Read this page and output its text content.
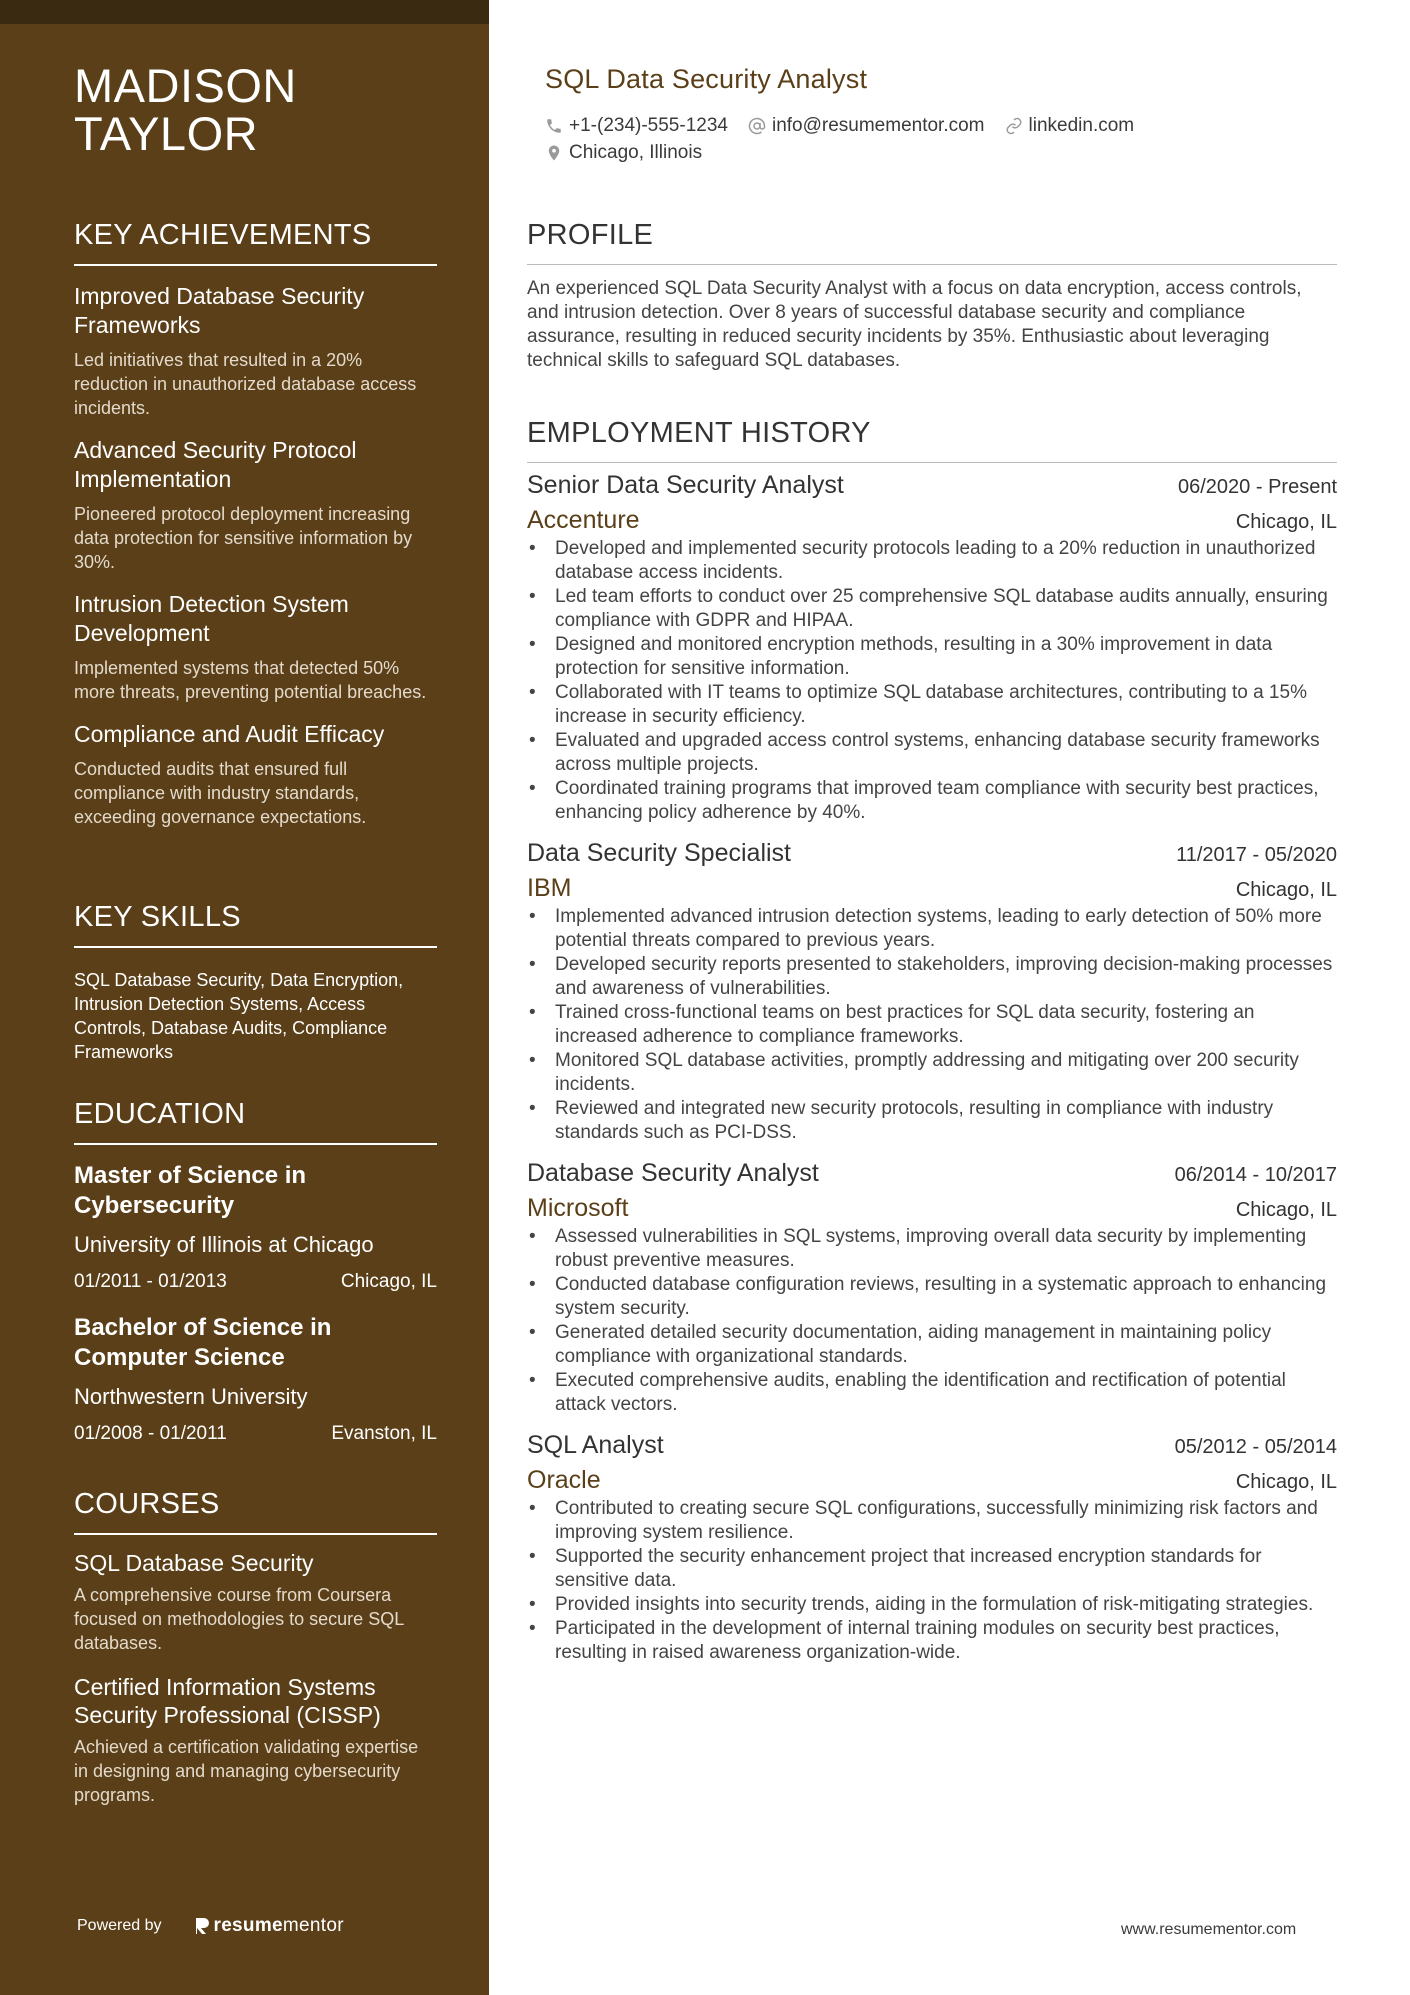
MADISON
TAYLOR
KEY ACHIEVEMENTS
Improved Database Security Frameworks
Led initiatives that resulted in a 20% reduction in unauthorized database access incidents.
Advanced Security Protocol Implementation
Pioneered protocol deployment increasing data protection for sensitive information by 30%.
Intrusion Detection System Development
Implemented systems that detected 50% more threats, preventing potential breaches.
Compliance and Audit Efficacy
Conducted audits that ensured full compliance with industry standards, exceeding governance expectations.
KEY SKILLS
SQL Database Security, Data Encryption, Intrusion Detection Systems, Access Controls, Database Audits, Compliance Frameworks
EDUCATION
Master of Science in Cybersecurity
University of Illinois at Chicago
01/2011 - 01/2013	Chicago, IL
Bachelor of Science in Computer Science
Northwestern University
01/2008 - 01/2011	Evanston, IL
COURSES
SQL Database Security
A comprehensive course from Coursera focused on methodologies to secure SQL databases.
Certified Information Systems Security Professional (CISSP)
Achieved a certification validating expertise in designing and managing cybersecurity programs.
Powered by	resume mentor
SQL Data Security Analyst
+1-(234)-555-1234 info@resumementor.com linkedin.com
Chicago, Illinois
PROFILE
An experienced SQL Data Security Analyst with a focus on data encryption, access controls, and intrusion detection. Over 8 years of successful database security and compliance assurance, resulting in reduced security incidents by 35%. Enthusiastic about leveraging technical skills to safeguard SQL databases.
EMPLOYMENT HISTORY
Senior Data Security Analyst	06/2020 - Present
Accenture	Chicago, IL
• Developed and implemented security protocols leading to a 20% reduction in unauthorized database access incidents.
• Led team efforts to conduct over 25 comprehensive SQL database audits annually, ensuring compliance with GDPR and HIPAA.
• Designed and monitored encryption methods, resulting in a 30% improvement in data protection for sensitive information.
• Collaborated with IT teams to optimize SQL database architectures, contributing to a 15% increase in security efficiency.
• Evaluated and upgraded access control systems, enhancing database security frameworks across multiple projects.
• Coordinated training programs that improved team compliance with security best practices, enhancing policy adherence by 40%.
Data Security Specialist	11/2017 - 05/2020
IBM	Chicago, IL
• Implemented advanced intrusion detection systems, leading to early detection of 50% more potential threats compared to previous years.
• Developed security reports presented to stakeholders, improving decision-making processes and awareness of vulnerabilities.
• Trained cross-functional teams on best practices for SQL data security, fostering an increased adherence to compliance frameworks.
• Monitored SQL database activities, promptly addressing and mitigating over 200 security incidents.
• Reviewed and integrated new security protocols, resulting in compliance with industry standards such as PCI-DSS.
Database Security Analyst	06/2014 - 10/2017
Microsoft	Chicago, IL
• Assessed vulnerabilities in SQL systems, improving overall data security by implementing robust preventive measures.
• Conducted database configuration reviews, resulting in a systematic approach to enhancing system security.
• Generated detailed security documentation, aiding management in maintaining policy compliance with organizational standards.
• Executed comprehensive audits, enabling the identification and rectification of potential attack vectors.
SQL Analyst	05/2012 - 05/2014
Oracle	Chicago, IL
• Contributed to creating secure SQL configurations, successfully minimizing risk factors and improving system resilience.
• Supported the security enhancement project that increased encryption standards for sensitive data.
• Provided insights into security trends, aiding in the formulation of risk-mitigating strategies.
• Participated in the development of internal training modules on security best practices, resulting in raised awareness organization-wide.
www.resumementor.com
